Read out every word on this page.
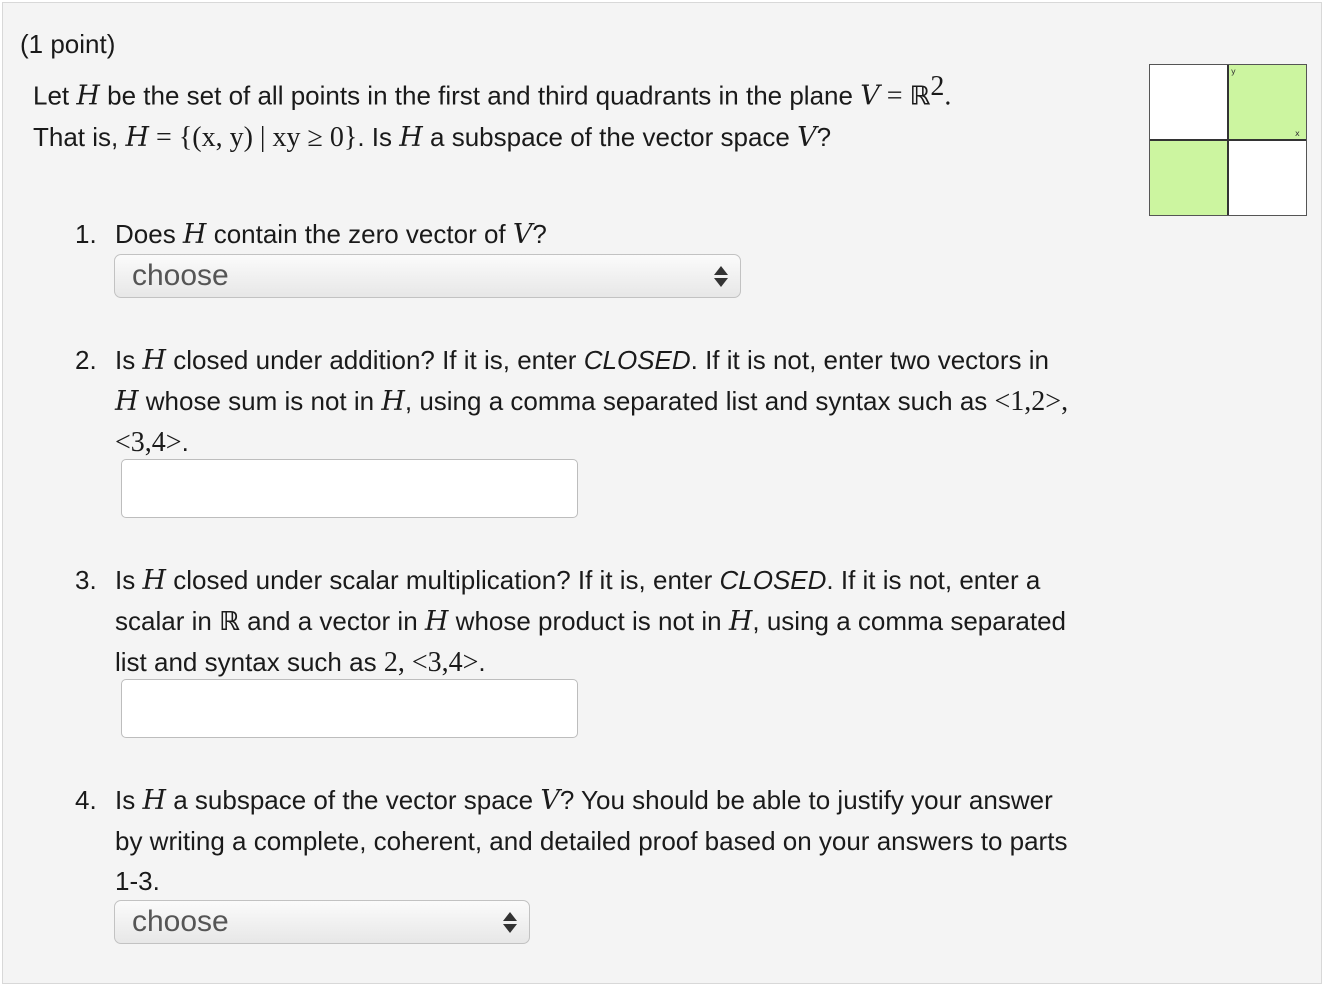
(1 point)
Let H be the set of all points in the first and third quadrants in the plane V = ℝ$^2$.
That is, H = {(x, y) | xy ≥ 0}. Is H a subspace of the vector space V?
y
x
1. Does H contain the zero vector of V?
choose
2. Is H closed under addition? If it is, enter CLOSED. If it is not, enter two vectors in H whose sum is not in H, using a comma separated list and syntax such as <1,2>, <3,4>.
3. Is H closed under scalar multiplication? If it is, enter CLOSED. If it is not, enter a scalar in ℝ and a vector in H whose product is not in H, using a comma separated list and syntax such as 2, <3,4>.
4. Is H a subspace of the vector space V? You should be able to justify your answer by writing a complete, coherent, and detailed proof based on your answers to parts 1-3.
choose
